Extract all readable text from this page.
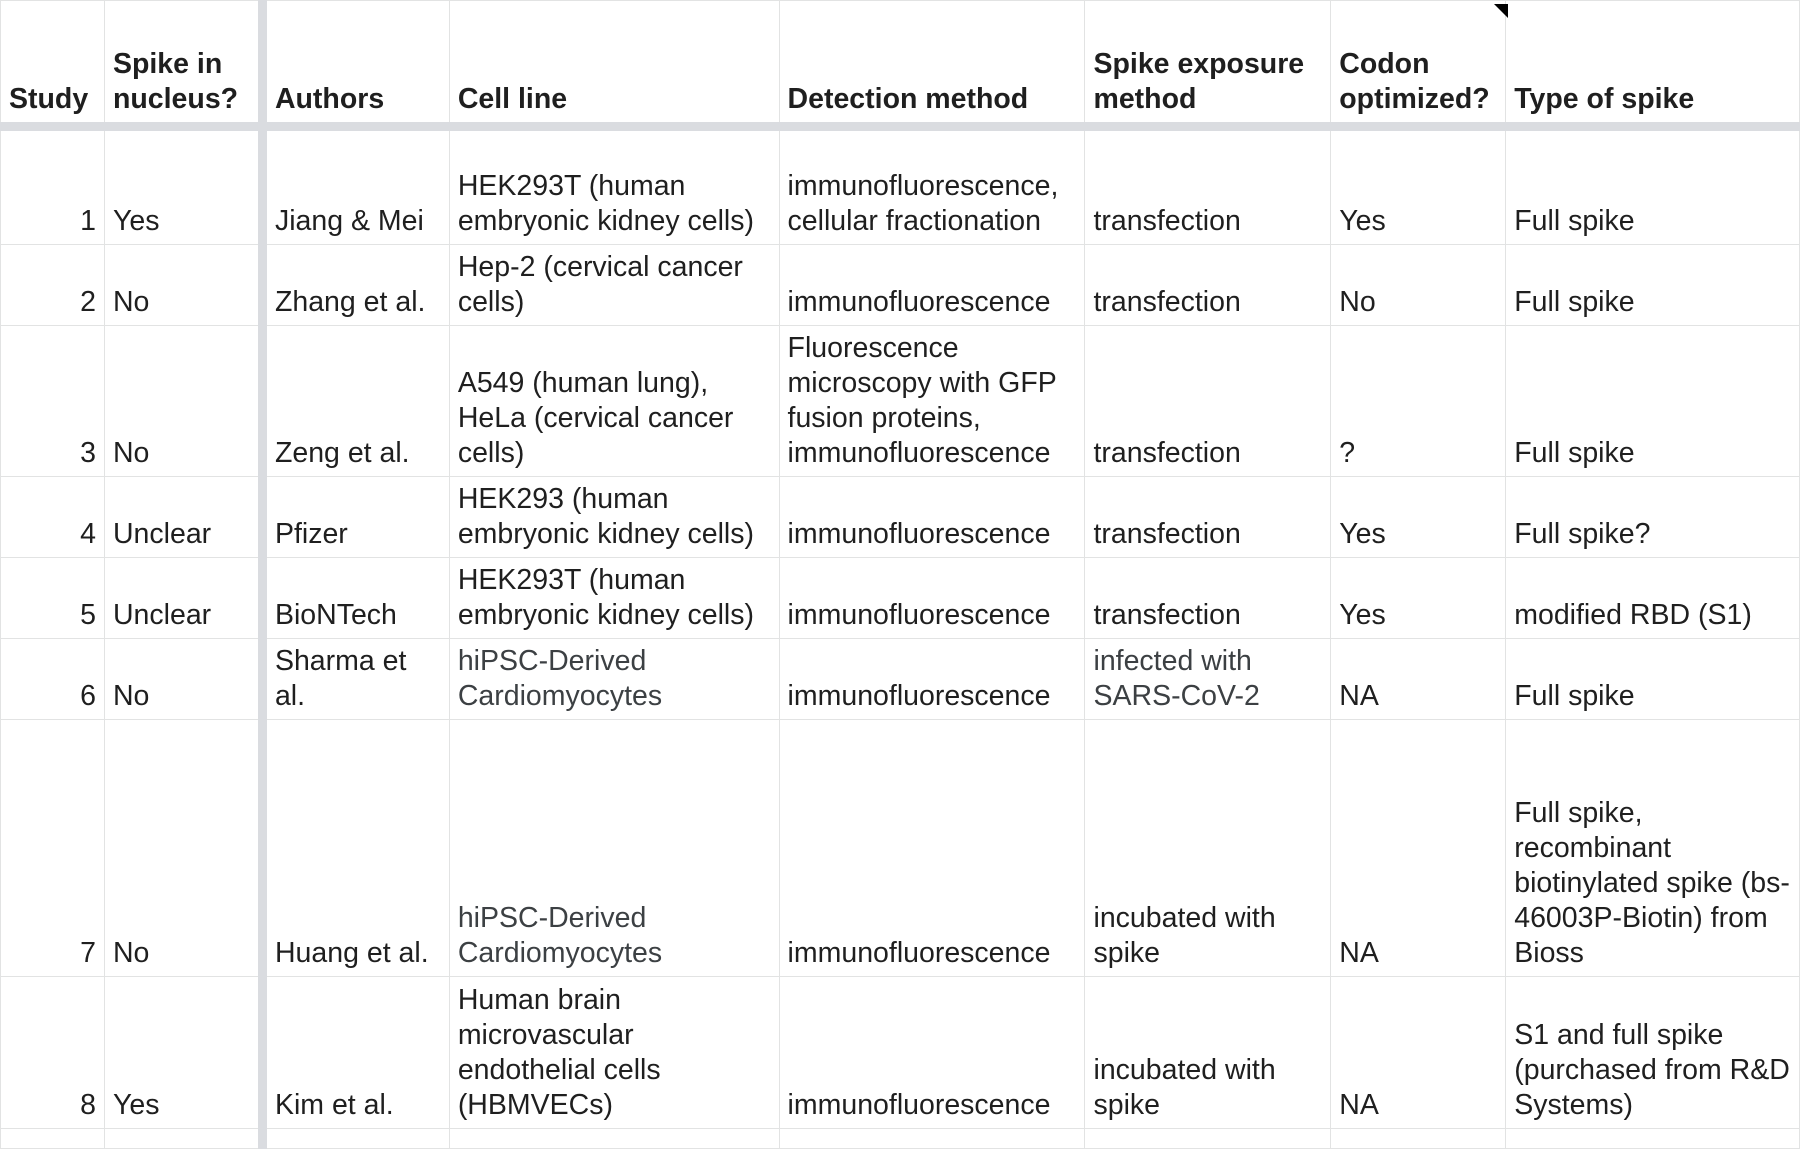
Study	Spike in nucleus?	Authors	Cell line	Detection method	Spike exposure method	Codon optimized?	Type of spike
1	Yes	Jiang & Mei	HEK293T (human embryonic kidney cells)	immunofluorescence, cellular fractionation	transfection	Yes	Full spike
2	No	Zhang et al.	Hep-2 (cervical cancer cells)	immunofluorescence	transfection	No	Full spike
3	No	Zeng et al.	A549 (human lung), HeLa (cervical cancer cells)	Fluorescence microscopy with GFP fusion proteins, immunofluorescence	transfection	?	Full spike
4	Unclear	Pfizer	HEK293 (human embryonic kidney cells)	immunofluorescence	transfection	Yes	Full spike?
5	Unclear	BioNTech	HEK293T (human embryonic kidney cells)	immunofluorescence	transfection	Yes	modified RBD (S1)
6	No	Sharma et al.	hiPSC-Derived Cardiomyocytes	immunofluorescence	infected with SARS-CoV-2	NA	Full spike
7	No	Huang et al.	hiPSC-Derived Cardiomyocytes	immunofluorescence	incubated with spike	NA	Full spike, recombinant biotinylated spike (bs-46003P-Biotin) from Bioss
8	Yes	Kim et al.	Human brain microvascular endothelial cells (HBMVECs)	immunofluorescence	incubated with spike	NA	S1 and full spike (purchased from R&D Systems)
